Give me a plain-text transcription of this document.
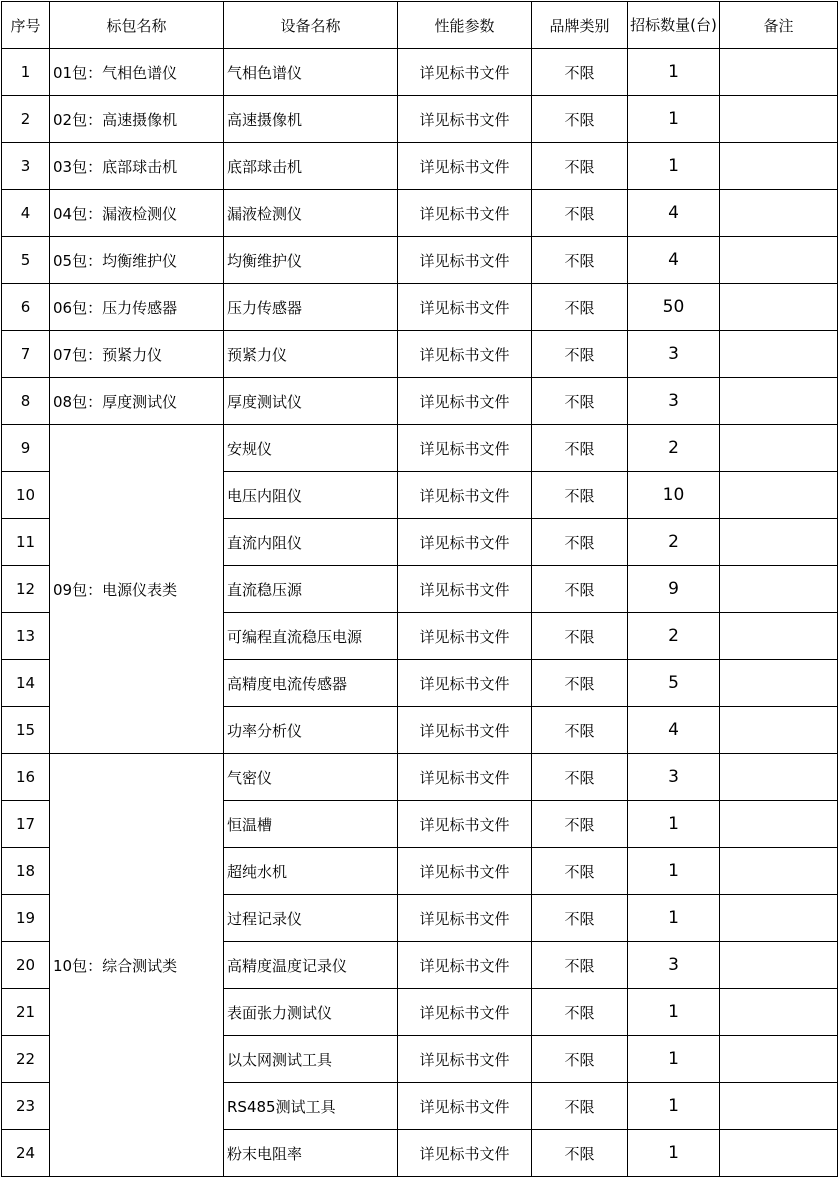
序号	标包名称	设备名称	性能参数	品牌类别	招标数量(台)	备注
1	01包：气相色谱仪	气相色谱仪	详见标书文件	不限	1	
2	02包：高速摄像机	高速摄像机	详见标书文件	不限	1	
3	03包：底部球击机	底部球击机	详见标书文件	不限	1	
4	04包：漏液检测仪	漏液检测仪	详见标书文件	不限	4	
5	05包：均衡维护仪	均衡维护仪	详见标书文件	不限	4	
6	06包：压力传感器	压力传感器	详见标书文件	不限	50	
7	07包：预紧力仪	预紧力仪	详见标书文件	不限	3	
8	08包：厚度测试仪	厚度测试仪	详见标书文件	不限	3	
9	09包：电源仪表类	安规仪	详见标书文件	不限	2	
10		电压内阻仪	详见标书文件	不限	10	
11		直流内阻仪	详见标书文件	不限	2	
12		直流稳压源	详见标书文件	不限	9	
13		可编程直流稳压电源	详见标书文件	不限	2	
14		高精度电流传感器	详见标书文件	不限	5	
15		功率分析仪	详见标书文件	不限	4	
16	10包：综合测试类	气密仪	详见标书文件	不限	3	
17		恒温槽	详见标书文件	不限	1	
18		超纯水机	详见标书文件	不限	1	
19		过程记录仪	详见标书文件	不限	1	
20		高精度温度记录仪	详见标书文件	不限	3	
21		表面张力测试仪	详见标书文件	不限	1	
22		以太网测试工具	详见标书文件	不限	1	
23		RS485测试工具	详见标书文件	不限	1	
24		粉末电阻率	详见标书文件	不限	1	
